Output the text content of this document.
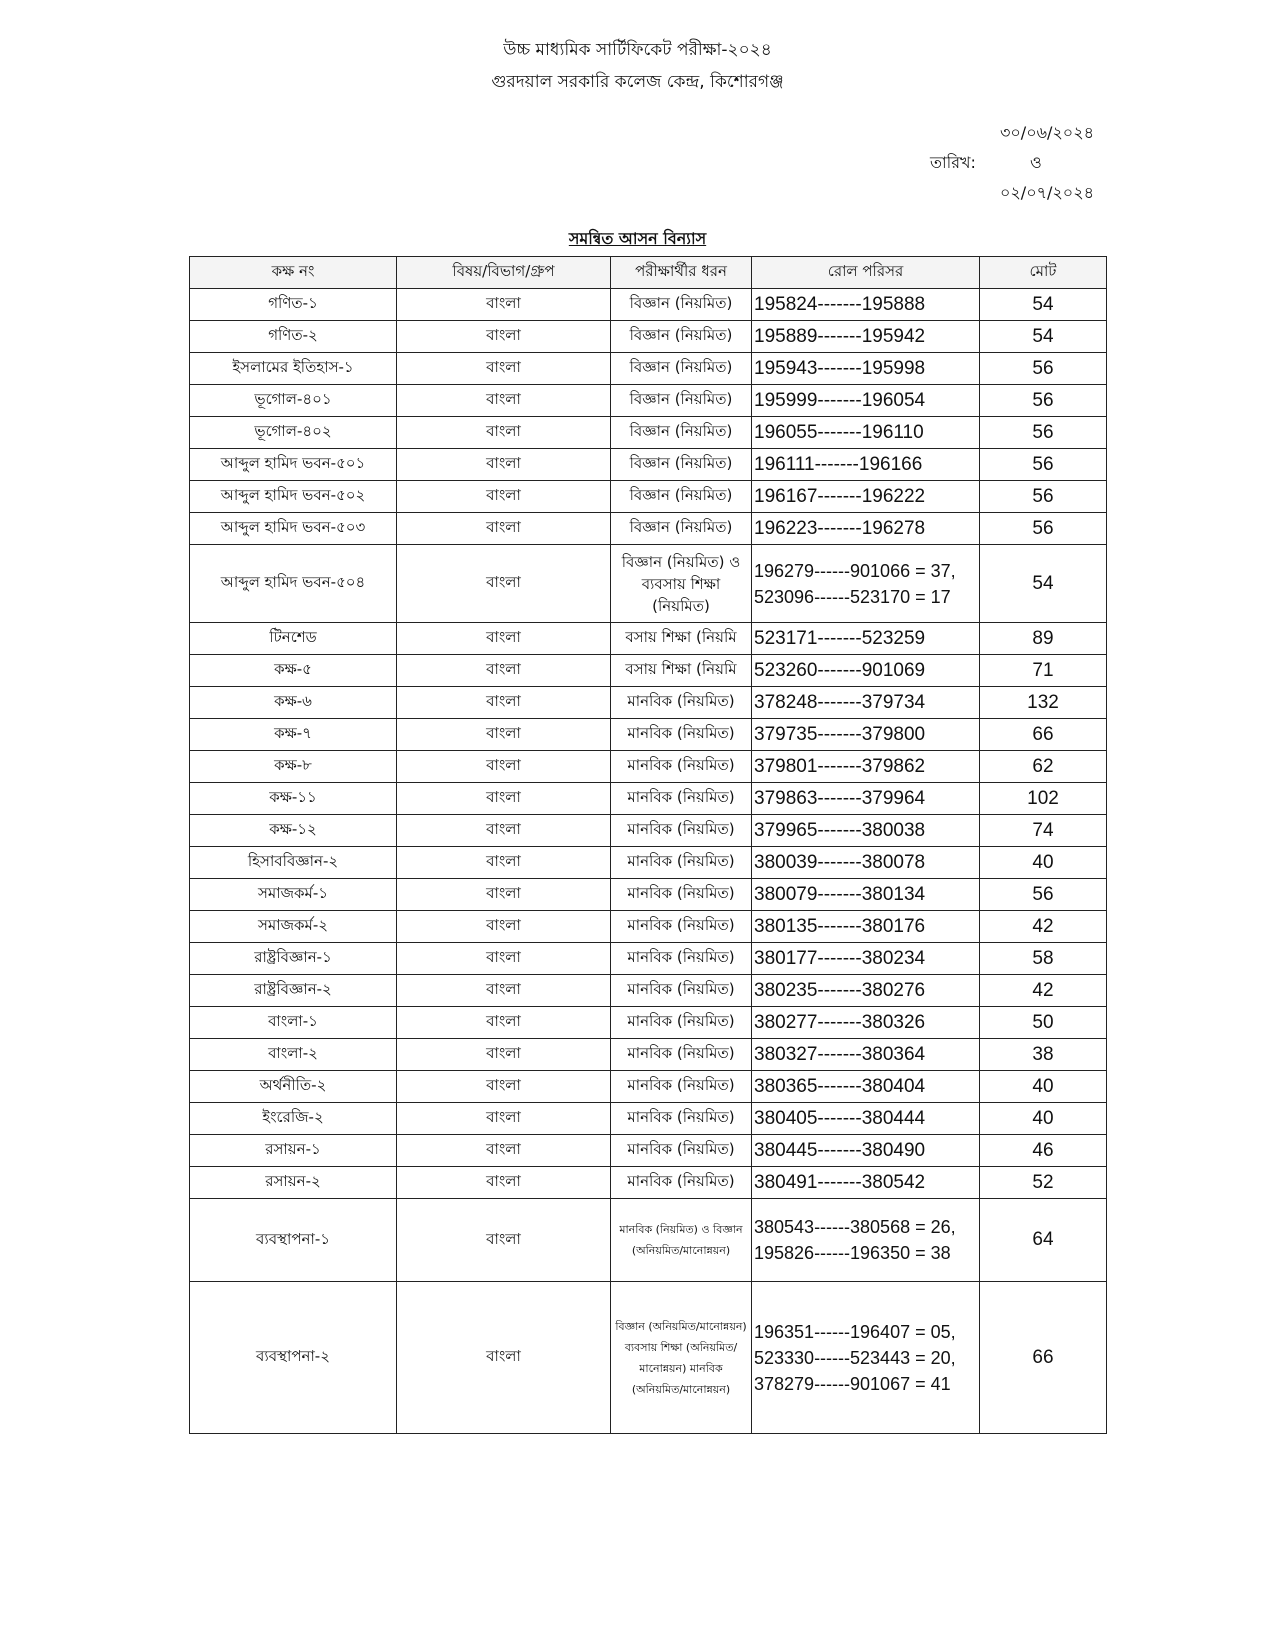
উচ্চ মাধ্যমিক সার্টিফিকেট পরীক্ষা-২০২৪
গুরদয়াল সরকারি কলেজ কেন্দ্র, কিশোরগঞ্জ
৩০/০৬/২০২৪
তারিখ:	ও
০২/০৭/২০২৪
সমন্বিত আসন বিন্যাস
কক্ষ নং	বিষয়/বিভাগ/গ্রুপ	পরীক্ষার্থীর ধরন	রোল পরিসর	মোট
গণিত-১	বাংলা	বিজ্ঞান (নিয়মিত)	195824-------195888	54
গণিত-২	বাংলা	বিজ্ঞান (নিয়মিত)	195889-------195942	54
ইসলামের ইতিহাস-১	বাংলা	বিজ্ঞান (নিয়মিত)	195943-------195998	56
ভূগোল-৪০১	বাংলা	বিজ্ঞান (নিয়মিত)	195999-------196054	56
ভূগোল-৪০২	বাংলা	বিজ্ঞান (নিয়মিত)	196055-------196110	56
আব্দুল হামিদ ভবন-৫০১	বাংলা	বিজ্ঞান (নিয়মিত)	196111-------196166	56
আব্দুল হামিদ ভবন-৫০২	বাংলা	বিজ্ঞান (নিয়মিত)	196167-------196222	56
আব্দুল হামিদ ভবন-৫০৩	বাংলা	বিজ্ঞান (নিয়মিত)	196223-------196278	56
আব্দুল হামিদ ভবন-৫০৪	বাংলা	বিজ্ঞান (নিয়মিত) ও ব্যবসায় শিক্ষা (নিয়মিত)	196279------901066 = 37, 523096------523170 = 17	54
টিনশেড	বাংলা	বসায় শিক্ষা (নিয়মি	523171-------523259	89
কক্ষ-৫	বাংলা	বসায় শিক্ষা (নিয়মি	523260-------901069	71
কক্ষ-৬	বাংলা	মানবিক (নিয়মিত)	378248-------379734	132
কক্ষ-৭	বাংলা	মানবিক (নিয়মিত)	379735-------379800	66
কক্ষ-৮	বাংলা	মানবিক (নিয়মিত)	379801-------379862	62
কক্ষ-১১	বাংলা	মানবিক (নিয়মিত)	379863-------379964	102
কক্ষ-১২	বাংলা	মানবিক (নিয়মিত)	379965-------380038	74
হিসাববিজ্ঞান-২	বাংলা	মানবিক (নিয়মিত)	380039-------380078	40
সমাজকর্ম-১	বাংলা	মানবিক (নিয়মিত)	380079-------380134	56
সমাজকর্ম-২	বাংলা	মানবিক (নিয়মিত)	380135-------380176	42
রাষ্ট্রবিজ্ঞান-১	বাংলা	মানবিক (নিয়মিত)	380177-------380234	58
রাষ্ট্রবিজ্ঞান-২	বাংলা	মানবিক (নিয়মিত)	380235-------380276	42
বাংলা-১	বাংলা	মানবিক (নিয়মিত)	380277-------380326	50
বাংলা-২	বাংলা	মানবিক (নিয়মিত)	380327-------380364	38
অর্থনীতি-২	বাংলা	মানবিক (নিয়মিত)	380365-------380404	40
ইংরেজি-২	বাংলা	মানবিক (নিয়মিত)	380405-------380444	40
রসায়ন-১	বাংলা	মানবিক (নিয়মিত)	380445-------380490	46
রসায়ন-২	বাংলা	মানবিক (নিয়মিত)	380491-------380542	52
ব্যবস্থাপনা-১	বাংলা	মানবিক (নিয়মিত) ও বিজ্ঞান (অনিয়মিত/মানোন্নয়ন)	380543------380568 = 26, 195826------196350 = 38	64
ব্যবস্থাপনা-২	বাংলা	বিজ্ঞান (অনিয়মিত/মানোন্নয়ন) ব্যবসায় শিক্ষা (অনিয়মিত/মানোন্নয়ন) মানবিক (অনিয়মিত/মানোন্নয়ন)	196351------196407 = 05, 523330------523443 = 20, 378279------901067 = 41	66
